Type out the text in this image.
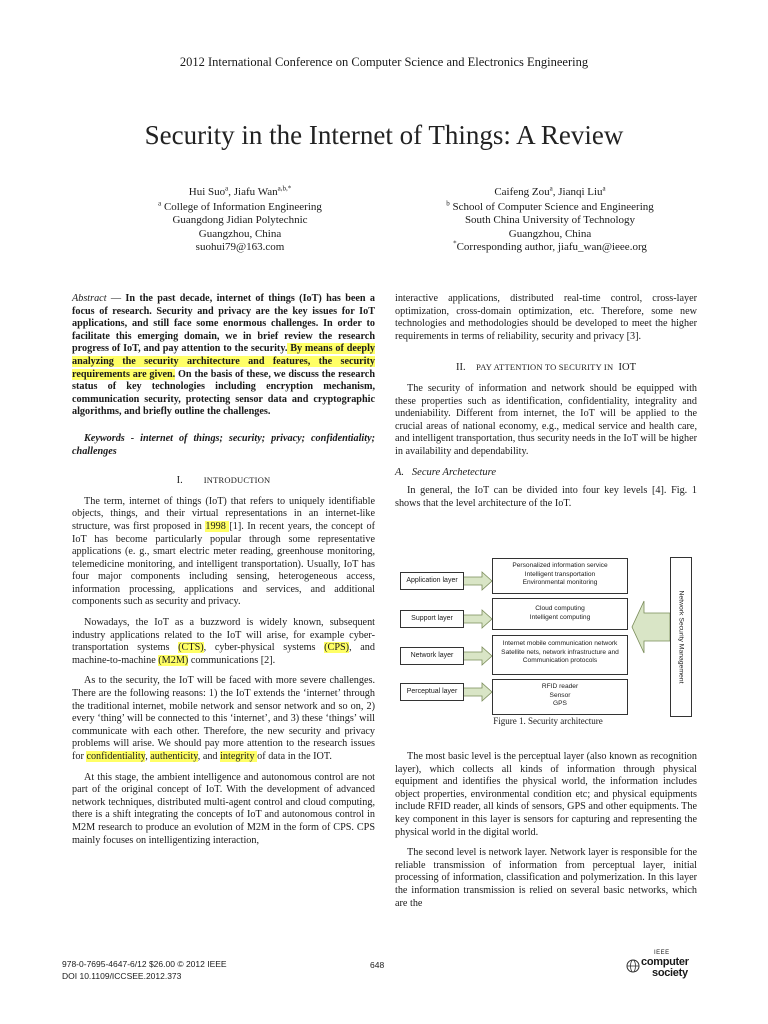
2012 International Conference on Computer Science and Electronics Engineering
Security in the Internet of Things: A Review
Hui Suo$^a$, Jiafu Wan$^{a,b,*}$
$^a$ College of Information Engineering
Guangdong Jidian Polytechnic
Guangzhou, China
suohui79@163.com
Caifeng Zou$^a$, Jianqi Liu$^a$
$^b$ School of Computer Science and Engineering
South China University of Technology
Guangzhou, China
*Corresponding author, jiafu_wan@ieee.org

Abstract — In the past decade, internet of things (IoT) has been a focus of research. Security and privacy are the key issues for IoT applications, and still face some enormous challenges. In order to facilitate this emerging domain, we in brief review the research progress of IoT, and pay attention to the security. By means of deeply analyzing the security architecture and features, the security requirements are given. On the basis of these, we discuss the research status of key technologies including encryption mechanism, communication security, protecting sensor data and cryptographic algorithms, and briefly outline the challenges.

Keywords - internet of things; security; privacy; confidentiality; challenges

I. INTRODUCTION

The term, internet of things (IoT) that refers to uniquely identifiable objects, things, and their virtual representations in an internet-like structure, was first proposed in 1998 [1]. In recent years, the concept of IoT has become particularly popular through some representative applications (e. g., smart electric meter reading, greenhouse monitoring, telemedicine monitoring, and intelligent transportation). Usually, IoT has four major components including sensing, heterogeneous access, information processing, applications and services, and additional components such as security and privacy.

Nowadays, the IoT as a buzzword is widely known, subsequent industry applications related to the IoT will arise, for example cyber-transportation systems (CTS), cyber-physical systems (CPS), and machine-to-machine (M2M) communications [2].

As to the security, the IoT will be faced with more severe challenges. There are the following reasons: 1) the IoT extends the ‘internet’ through the traditional internet, mobile network and sensor network and so on, 2) every ‘thing’ will be connected to this ‘internet’, and 3) these ‘things’ will communicate with each other. Therefore, the new security and privacy problems will arise. We should pay more attention to the research issues for confidentiality, authenticity, and integrity of data in the IOT.

At this stage, the ambient intelligence and autonomous control are not part of the original concept of IoT. With the development of advanced network techniques, distributed multi-agent control and cloud computing, there is a shift integrating the concepts of IoT and autonomous control in M2M research to produce an evolution of M2M in the form of CPS. CPS mainly focuses on intelligentizing interaction,

interactive applications, distributed real-time control, cross-layer optimization, cross-domain optimization, etc. Therefore, some new technologies and methodologies should be developed to meet the higher requirements in terms of reliability, security and privacy [3].

II. PAY ATTENTION TO SECURITY IN IOT

The security of information and network should be equipped with these properties such as identification, confidentiality, integrality and undeniability. Different from internet, the IoT will be applied to the crucial areas of national economy, e.g., medical service and health care, and intelligent transportation, thus security needs in the IoT will be higher in availability and dependability.

A. Secure Archetecture

In general, the IoT can be divided into four key levels [4]. Fig. 1 shows that the level architecture of the IoT.

Application layer
Support layer
Network layer
Perceptual layer
Personalized information service
Intelligent transportation
Environmental monitoring
Cloud computing
Intelligent computing
Internet mobile communication network
Satellite nets, network infrastructure and
Communication protocols
RFID reader
Sensor
GPS
Network Security Management
Figure 1. Security architecture

The most basic level is the perceptual layer (also known as recognition layer), which collects all kinds of information through physical equipment and identifies the physical world, the information includes object properties, environmental condition etc; and physical equipments include RFID reader, all kinds of sensors, GPS and other equipments. The key component in this layer is sensors for capturing and representing the physical world in the digital world.

The second level is network layer. Network layer is responsible for the reliable transmission of information from perceptual layer, initial processing of information, classification and polymerization. In this layer the information transmission is relied on several basic networks, which are the

978-0-7695-4647-6/12 $26.00 © 2012 IEEE
DOI 10.1109/ICCSEE.2012.373
648
IEEE
computer
society
